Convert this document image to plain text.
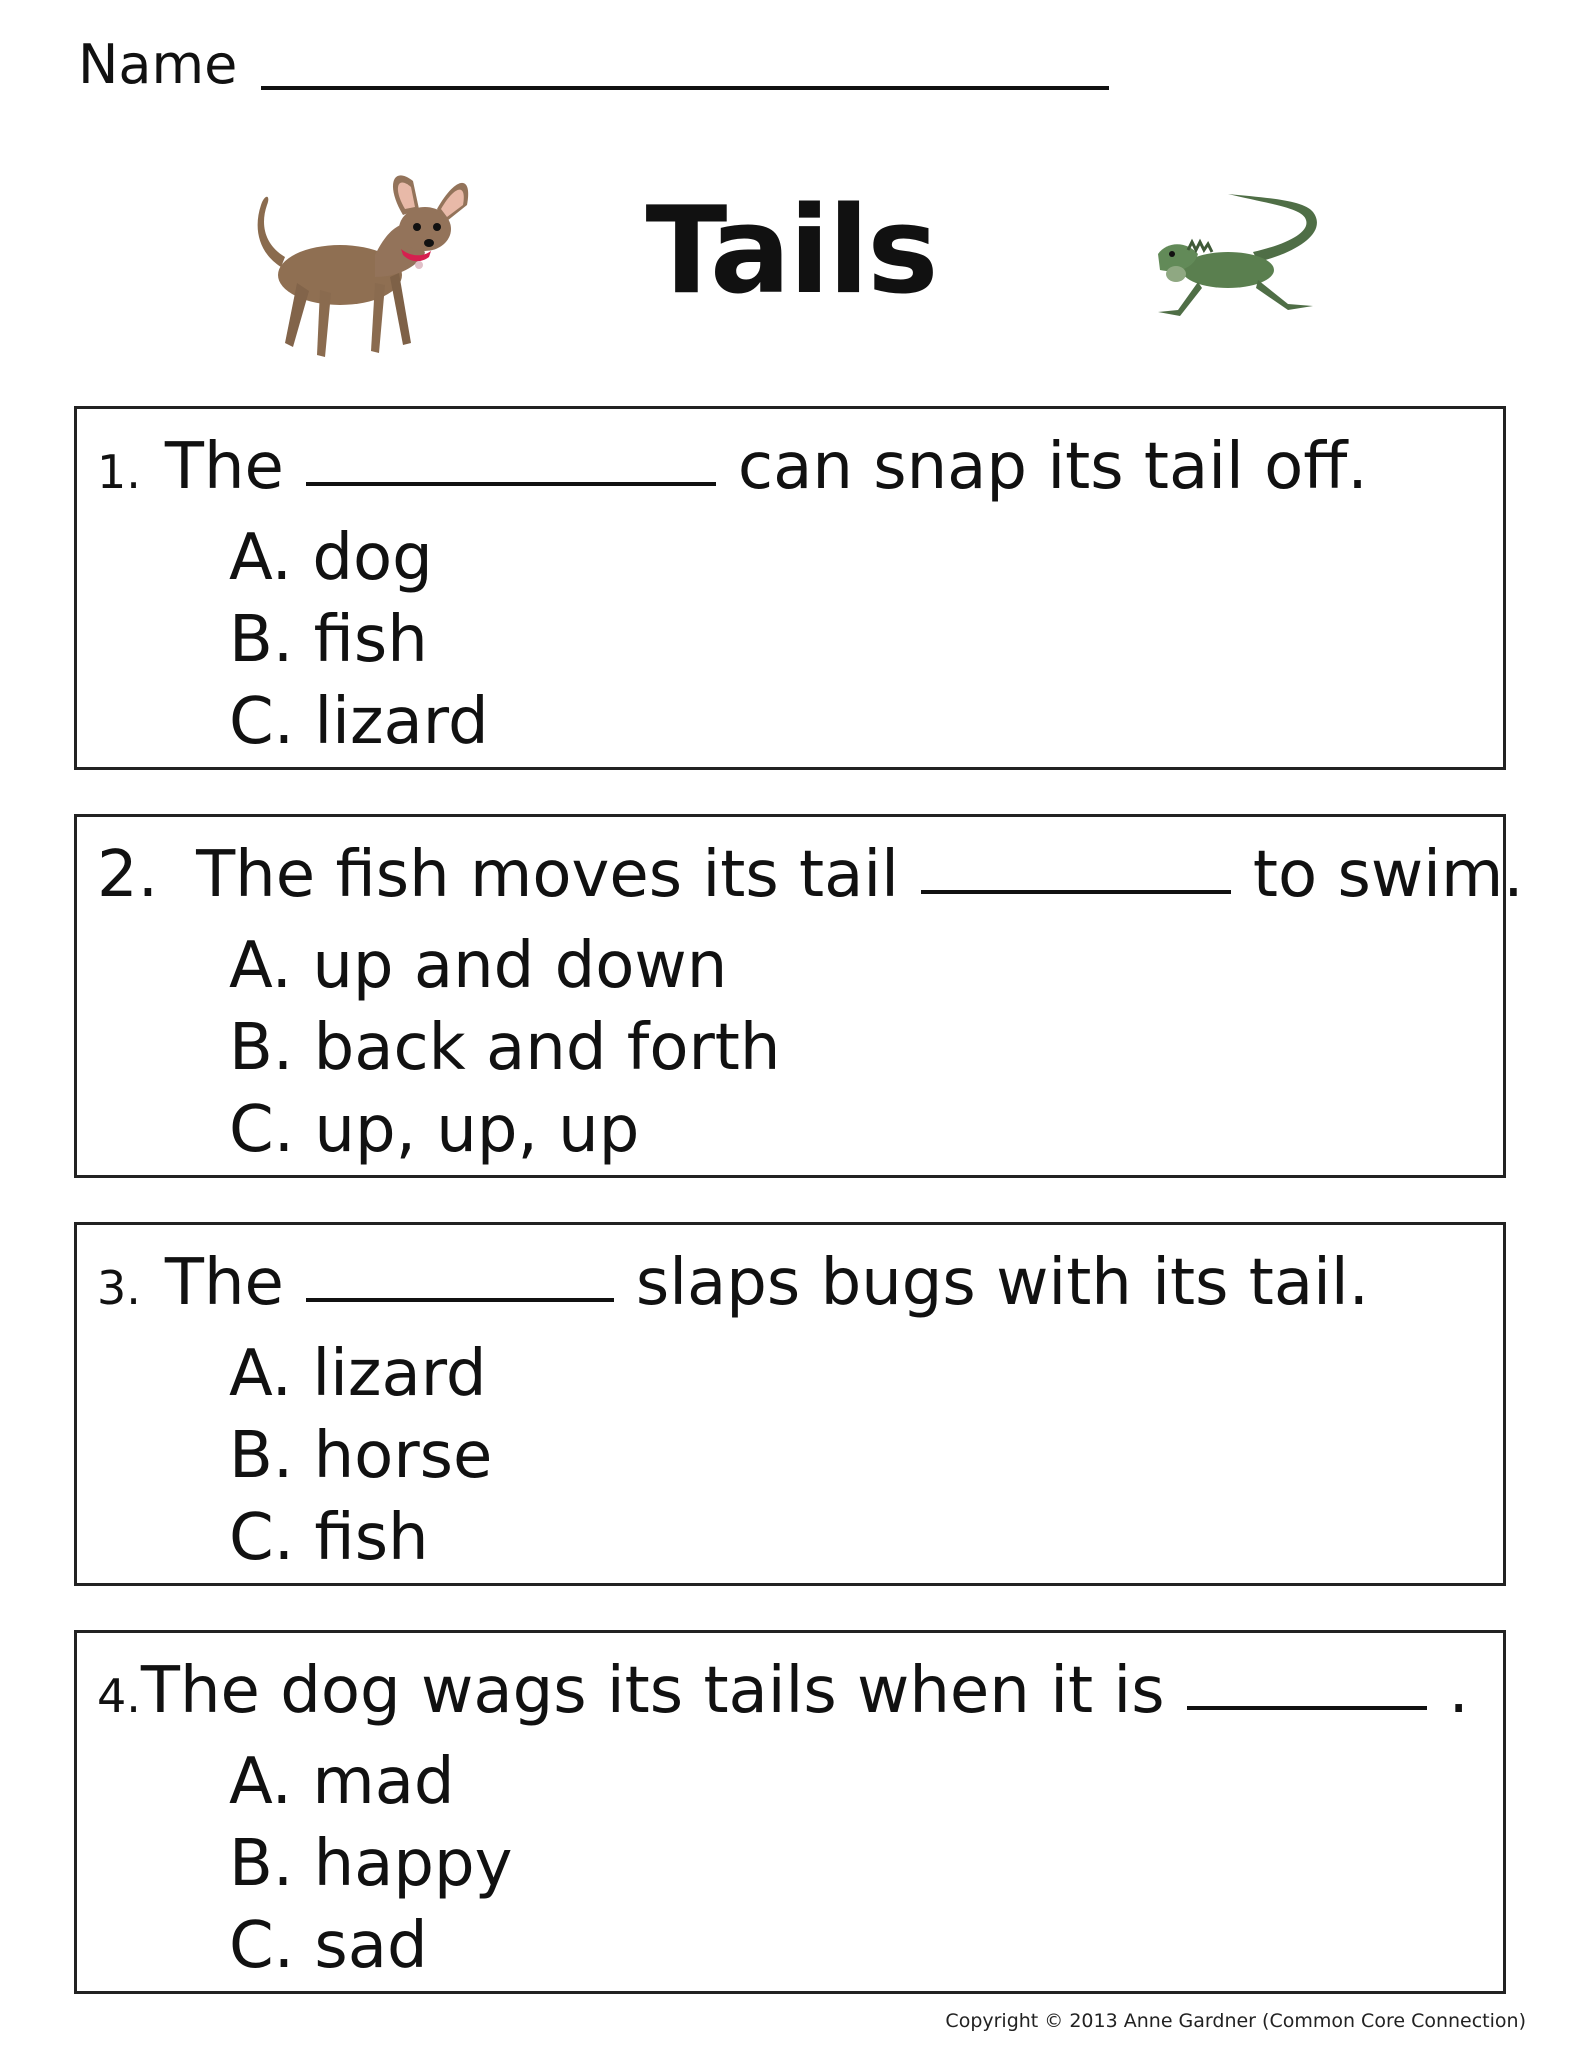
Name
Tails
1. The	can snap its tail off.
A. dog
B. fish
C. lizard
2. The fish moves its tail	to swim.
A. up and down
B. back and forth
C. up, up, up
3. The	slaps bugs with its tail.
A. lizard
B. horse
C. fish
4. The dog wags its tails when it is	.
A. mad
B. happy
C. sad
Copyright © 2013 Anne Gardner (Common Core Connection)
